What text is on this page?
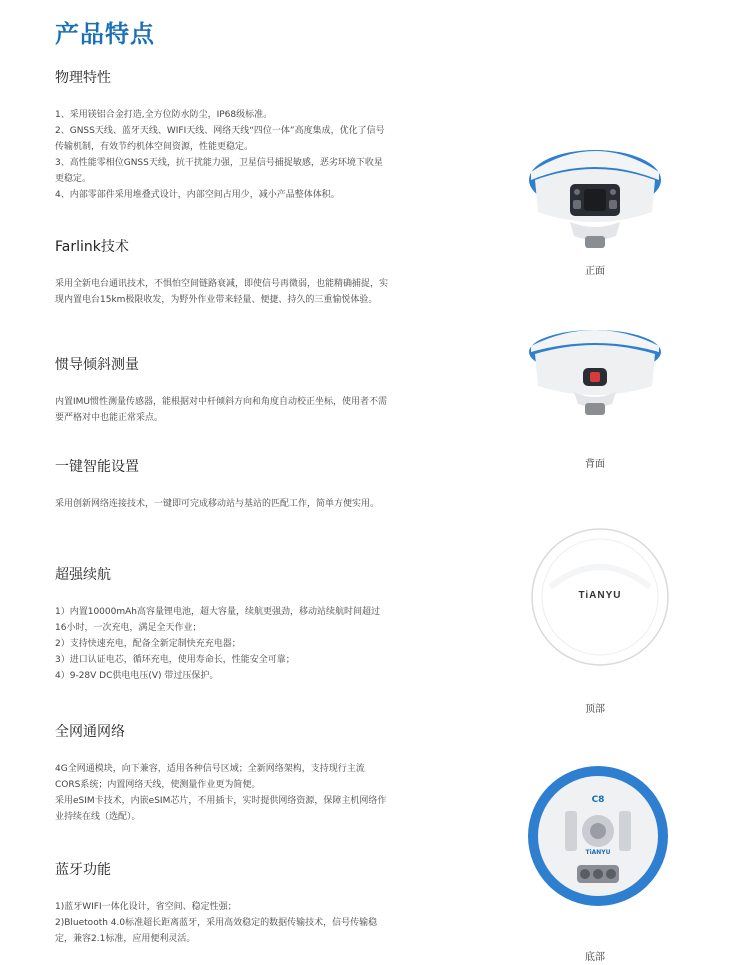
产品特点
物理特性

1、采用镁铝合金打造,全方位防水防尘，IP68级标准。

2、GNSS天线、蓝牙天线、WIFI天线、网络天线“四位一体”高度集成，优化了信号传输机制，有效节约机体空间资源，性能更稳定。

3、高性能零相位GNSS天线，抗干扰能力强，卫星信号捕捉敏感，恶劣环境下收星更稳定。

4、内部零部件采用堆叠式设计，内部空间占用少，减小产品整体体积。

Farlink技术

采用全新电台通讯技术，不惧怕空间链路衰减，即使信号再微弱，也能精确捕捉，实现内置电台15km极限收发，为野外作业带来轻量、便捷、持久的三重愉悦体验。

惯导倾斜测量

内置IMU惯性测量传感器，能根据对中杆倾斜方向和角度自动校正坐标，使用者不需要严格对中也能正常采点。

一键智能设置

采用创新网络连接技术，一键即可完成移动站与基站的匹配工作，简单方便实用。

超强续航

1）内置10000mAh高容量锂电池，超大容量，续航更强劲，移动站续航时间超过16小时，一次充电，满足全天作业；

2）支持快速充电，配备全新定制快充充电器；

3）进口认证电芯，循环充电，使用寿命长，性能安全可靠；

4）9-28V DC供电电压(V) 带过压保护。

全网通网络

4G全网通模块，向下兼容，适用各种信号区域；全新网络架构，支持现行主流CORS系统；内置网络天线，使测量作业更为简便。

采用eSIM卡技术，内嵌eSIM芯片，不用插卡，实时提供网络资源，保障主机网络作业持续在线（选配）。

蓝牙功能

1)蓝牙WIFI一体化设计，省空间、稳定性强；

2)Bluetooth 4.0标准超长距离蓝牙，采用高效稳定的数据传输技术，信号传输稳定，兼容2.1标准，应用便利灵活。

正面
背面
TiANYU
顶部
C8
TiANYU
底部
